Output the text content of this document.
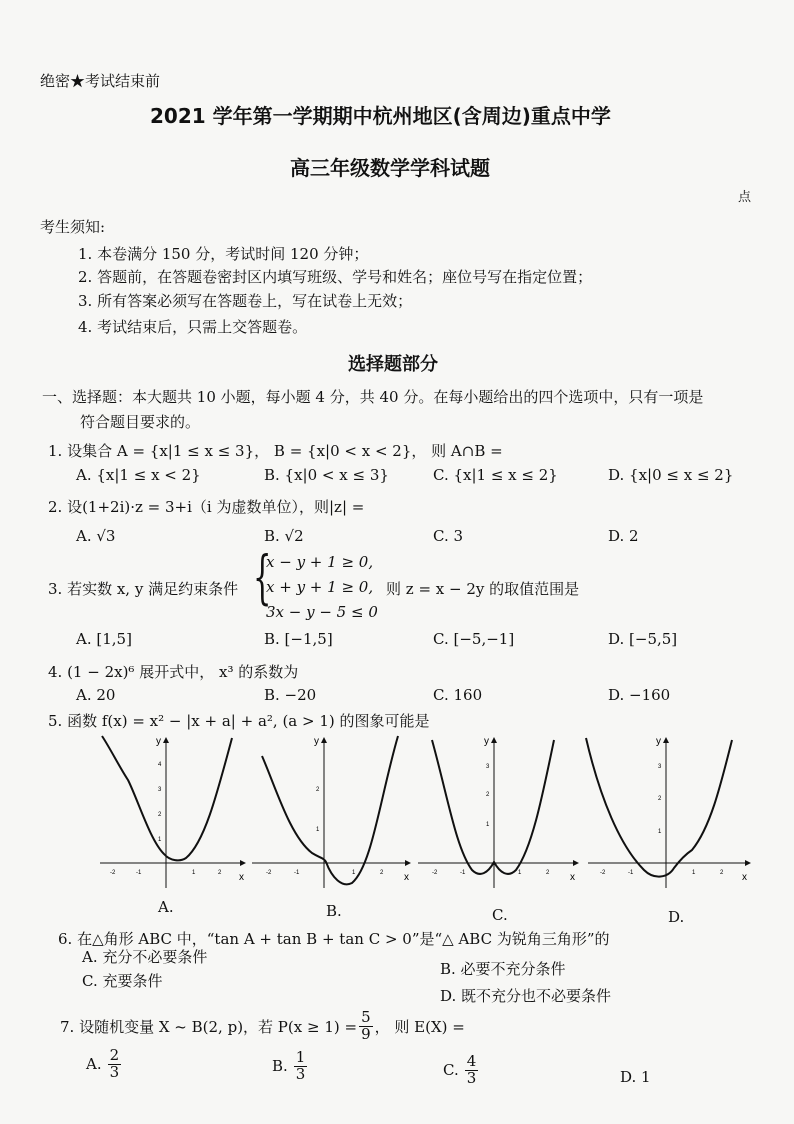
绝密★考试结束前
2021 学年第一学期期中杭州地区(含周边)重点中学
高三年级数学学科试题
点
考生须知:
1. 本卷满分 150 分，考试时间 120 分钟；
2. 答题前，在答题卷密封区内填写班级、学号和姓名；座位号写在指定位置；
3. 所有答案必须写在答题卷上，写在试卷上无效；
4. 考试结束后，只需上交答题卷。
选择题部分
一、选择题：本大题共 10 小题，每小题 4 分，共 40 分。在每小题给出的四个选项中，只有一项是
符合题目要求的。
1. 设集合 A = {x|1 ≤ x ≤ 3}， B = {x|0 < x < 2}， 则 A∩B =
A. {x|1 ≤ x < 2}	B. {x|0 < x ≤ 3}	C. {x|1 ≤ x ≤ 2}	D. {x|0 ≤ x ≤ 2}
2. 设(1+2i)·z = 3+i（i 为虚数单位），则|z| =
A. √3	B. √2	C. 3	D. 2
3. 若实数 x, y 满足约束条件 {
x − y + 1 ≥ 0,
x + y + 1 ≥ 0,
3x − y − 5 ≤ 0
则 z = x − 2y 的取值范围是
A. [1,5]	B. [−1,5]	C. [−5,−1]	D. [−5,5]
4. (1 − 2x)⁶ 展开式中， x³ 的系数为
A. 20	B. −20	C. 160	D. −160
5. 函数 f(x) = x² − |x + a| + a², (a > 1) 的图象可能是
y
x
-2	-1	1	2
4
3
2
1
y
x
-2	-1	1	2
2
1
y
x
-2	-1	1	2
3
2
1
y
x
-2	-1	1	2
3
2
1
A.	B.	C.	D.
6. 在△角形 ABC 中，“tan A + tan B + tan C > 0”是“△ ABC 为锐角三角形”的
A. 充分不必要条件
B. 必要不充分条件
C. 充要条件
D. 既不充分也不必要条件
7. 设随机变量 X ~ B(2, p)，若 $P(x \ge 1) = \frac{5}{9}$ ， 则 E(X) =
A. $\frac{2}{3}$	B. $\frac{1}{3}$	C. $\frac{4}{3}$	D. 1
